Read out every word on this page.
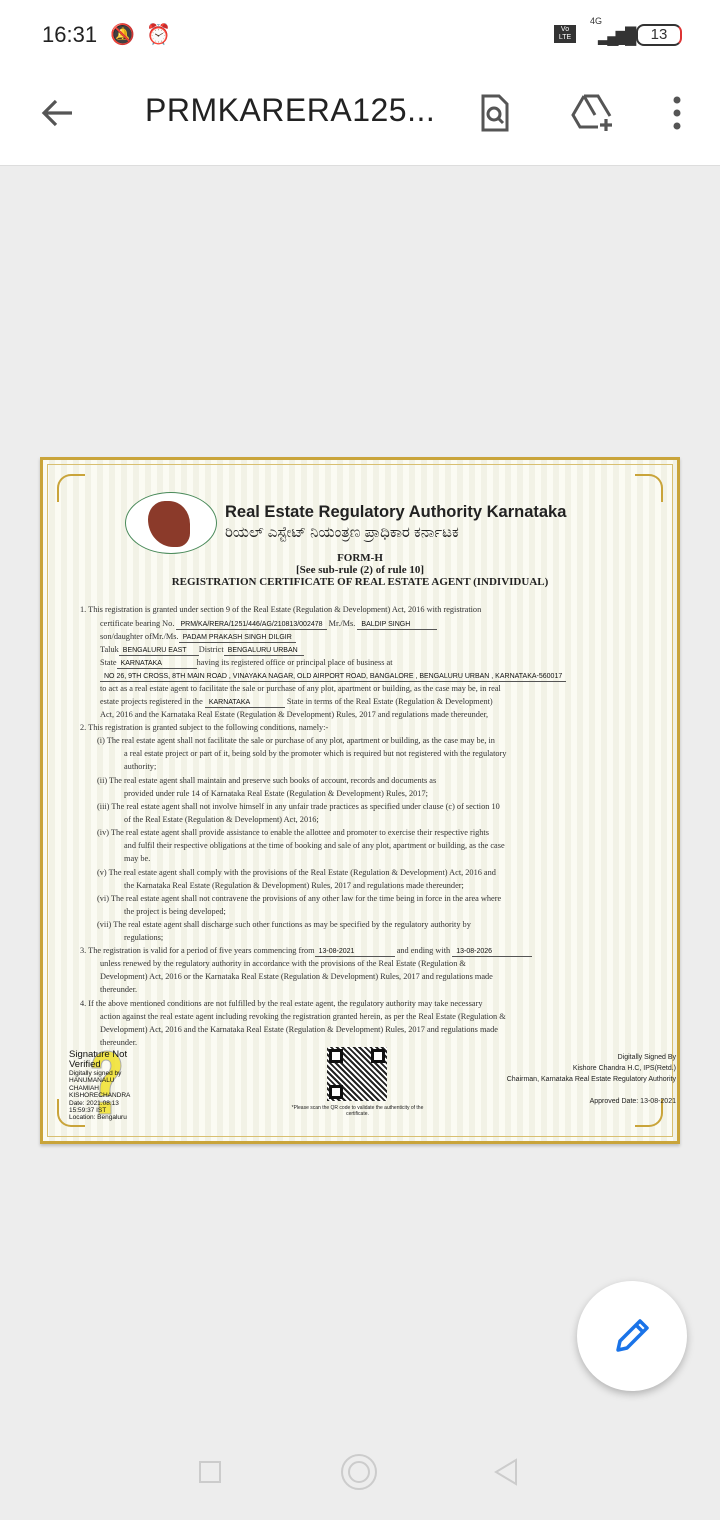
16:31 🔕 ⏰	Vo LTE
4G
▂▄▆█	13
PRMKARERA125...
Real Estate Regulatory Authority Karnataka
ರಿಯಲ್ ಎಸ್ಟೇಟ್ ನಿಯಂತ್ರಣ ಪ್ರಾಧಿಕಾರ ಕರ್ನಾಟಕ
FORM-H
[See sub-rule (2) of rule 10]
REGISTRATION CERTIFICATE OF REAL ESTATE AGENT (INDIVIDUAL)
1. This registration is granted under section 9 of the Real Estate (Regulation & Development) Act, 2016 with registration
certificate bearing No. PRM/KA/RERA/1251/446/AG/210813/002478 Mr./Ms. BALDIP SINGH
son/daughter ofMr./Ms. PADAM PRAKASH SINGH DILGIR
Taluk BENGALURU EAST District BENGALURU URBAN
State KARNATAKA	having its registered office or principal place of business at
NO 26, 9TH CROSS, 8TH MAIN ROAD , VINAYAKA NAGAR, OLD AIRPORT ROAD, BANGALORE , BENGALURU URBAN , KARNATAKA-560017
to act as a real estate agent to facilitate the sale or purchase of any plot, apartment or building, as the case may be, in real
estate projects registered in the KARNATAKA	State in terms of the Real Estate (Regulation & Development)
Act, 2016 and the Karnataka Real Estate (Regulation & Development) Rules, 2017 and regulations made thereunder,
2. This registration is granted subject to the following conditions, namely:-
(i) The real estate agent shall not facilitate the sale or purchase of any plot, apartment or building, as the case may be, in
a real estate project or part of it, being sold by the promoter which is required but not registered with the regulatory
authority;
(ii) The real estate agent shall maintain and preserve such books of account, records and documents as
provided under rule 14 of Karnataka Real Estate (Regulation & Development) Rules, 2017;
(iii) The real estate agent shall not involve himself in any unfair trade practices as specified under clause (c) of section 10
of the Real Estate (Regulation & Development) Act, 2016;
(iv) The real estate agent shall provide assistance to enable the allottee and promoter to exercise their respective rights
and fulfil their respective obligations at the time of booking and sale of any plot, apartment or building, as the case
may be.
(v) The real estate agent shall comply with the provisions of the Real Estate (Regulation & Development) Act, 2016 and
the Karnataka Real Estate (Regulation & Development) Rules, 2017 and regulations made thereunder;
(vi) The real estate agent shall not contravene the provisions of any other law for the time being in force in the area where
the project is being developed;
(vii) The real estate agent shall discharge such other functions as may be specified by the regulatory authority by
regulations;
3. The registration is valid for a period of five years commencing from 13-08-2021	and ending with 13-08-2026
unless renewed by the regulatory authority in accordance with the provisions of the Real Estate (Regulation &
Development) Act, 2016 or the Karnataka Real Estate (Regulation & Development) Rules, 2017 and regulations made
thereunder.
4. If the above mentioned conditions are not fulfilled by the real estate agent, the regulatory authority may take necessary
action against the real estate agent including revoking the registration granted herein, as per the Real Estate (Regulation &
Development) Act, 2016 and the Karnataka Real Estate (Regulation & Development) Rules, 2017 and regulations made
thereunder.
Signature Not Verified
Digitally signed by
HANUMANALU
CHAMIAH
KISHORECHANDRA
Date: 2021.08.13
15:59:37 IST
Location: Bengaluru
*Please scan the QR code to validate the authenticity of the certificate.
Digitally Signed By
Kishore Chandra H.C, IPS(Retd.)
Chairman, Karnataka Real Estate Regulatory Authority
Approved Date: 13-08-2021
